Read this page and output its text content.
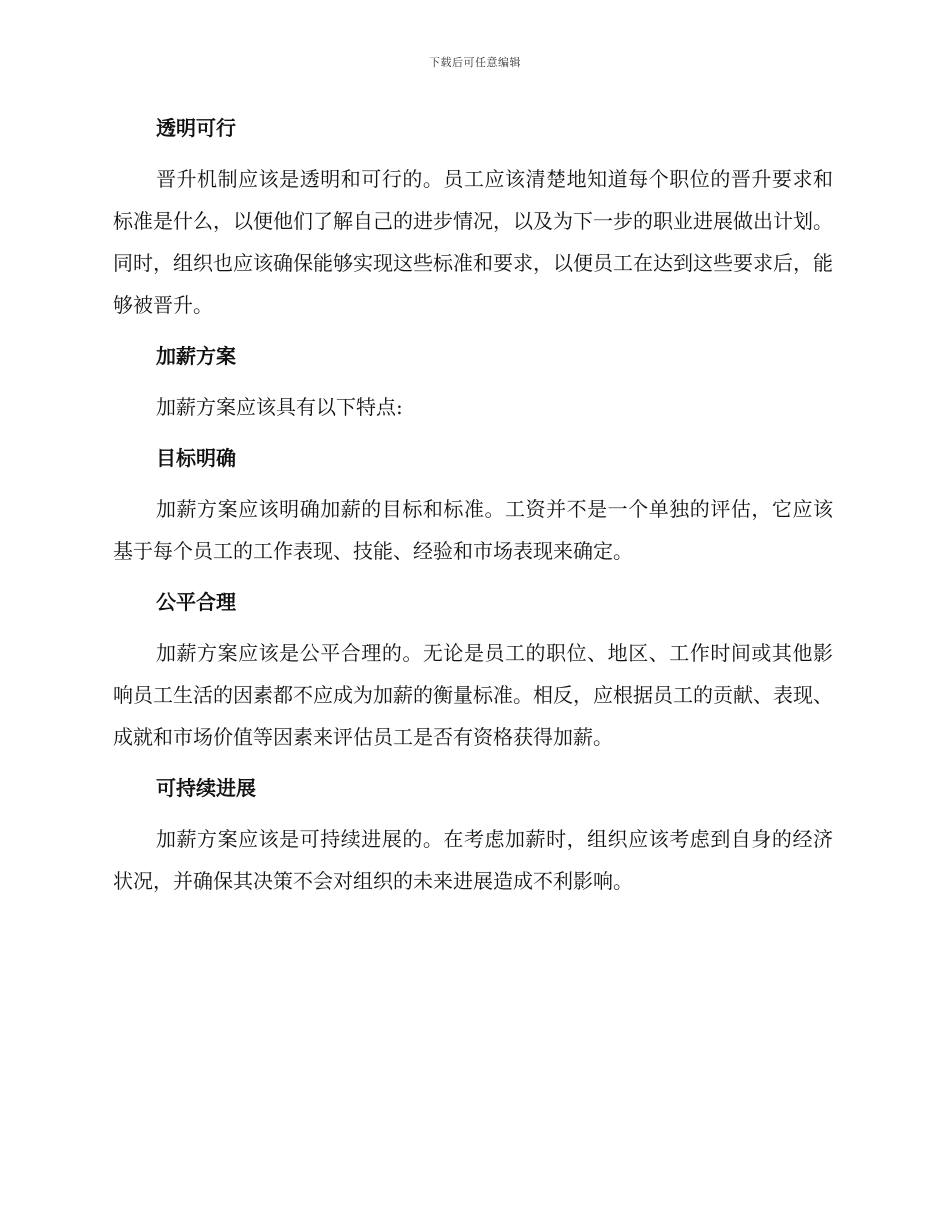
下载后可任意编辑
透明可行

晋升机制应该是透明和可行的。员工应该清楚地知道每个职位的晋升要求和标准是什么，以便他们了解自己的进步情况，以及为下一步的职业进展做出计划。同时，组织也应该确保能够实现这些标准和要求，以便员工在达到这些要求后，能够被晋升。

加薪方案

加薪方案应该具有以下特点:

目标明确

加薪方案应该明确加薪的目标和标准。工资并不是一个单独的评估，它应该基于每个员工的工作表现、技能、经验和市场表现来确定。

公平合理

加薪方案应该是公平合理的。无论是员工的职位、地区、工作时间或其他影响员工生活的因素都不应成为加薪的衡量标准。相反，应根据员工的贡献、表现、成就和市场价值等因素来评估员工是否有资格获得加薪。

可持续进展

加薪方案应该是可持续进展的。在考虑加薪时，组织应该考虑到自身的经济状况，并确保其决策不会对组织的未来进展造成不利影响。
